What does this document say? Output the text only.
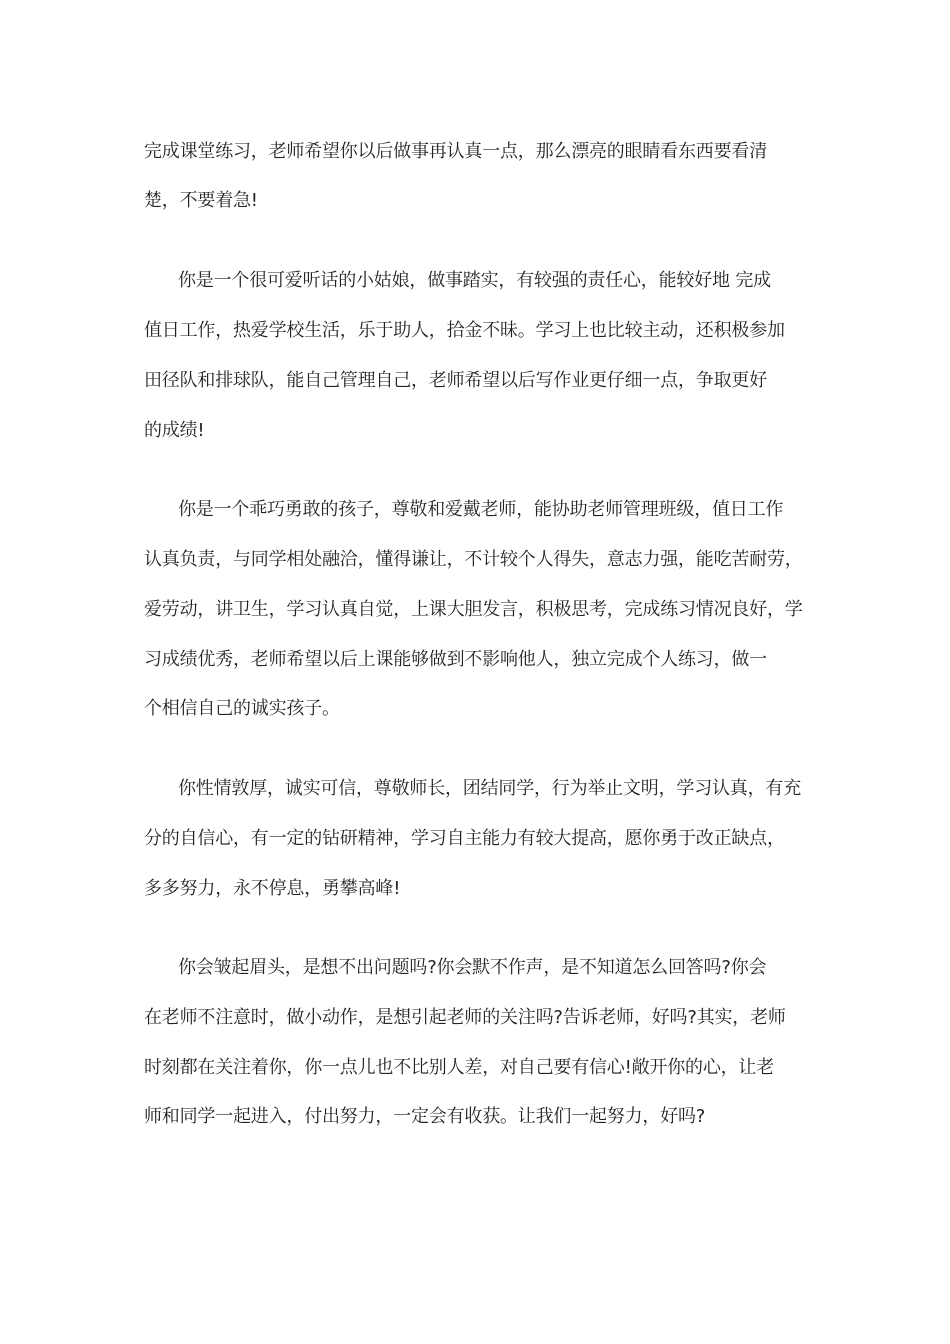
完成课堂练习，老师希望你以后做事再认真一点，那么漂亮的眼睛看东西要看清
楚，不要着急!
你是一个很可爱听话的小姑娘，做事踏实，有较强的责任心，能较好地 完成
值日工作，热爱学校生活，乐于助人，拾金不昧。学习上也比较主动，还积极参加
田径队和排球队，能自己管理自己，老师希望以后写作业更仔细一点，争取更好
的成绩!
你是一个乖巧勇敢的孩子，尊敬和爱戴老师，能协助老师管理班级，值日工作
认真负责，与同学相处融洽，懂得谦让，不计较个人得失，意志力强，能吃苦耐劳，
爱劳动，讲卫生，学习认真自觉，上课大胆发言，积极思考，完成练习情况良好，学
习成绩优秀，老师希望以后上课能够做到不影响他人，独立完成个人练习，做一
个相信自己的诚实孩子。
你性情敦厚，诚实可信，尊敬师长，团结同学，行为举止文明，学习认真，有充
分的自信心，有一定的钻研精神，学习自主能力有较大提高，愿你勇于改正缺点，
多多努力，永不停息，勇攀高峰!
你会皱起眉头，是想不出问题吗?你会默不作声，是不知道怎么回答吗?你会
在老师不注意时，做小动作，是想引起老师的关注吗?告诉老师，好吗?其实，老师
时刻都在关注着你，你一点儿也不比别人差，对自己要有信心!敞开你的心，让老
师和同学一起进入，付出努力，一定会有收获。让我们一起努力，好吗?
